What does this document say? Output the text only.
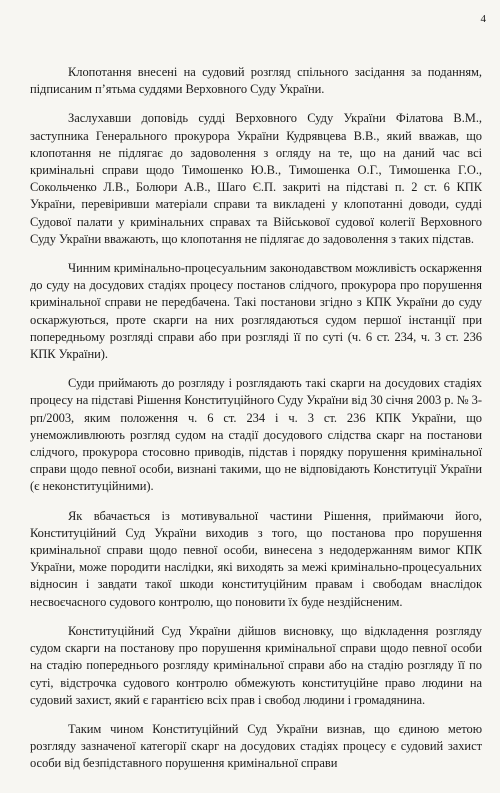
4

Клопотання внесені на судовий розгляд спільного засідання за поданням, підписаним п’ятьма суддями Верховного Суду України.

Заслухавши доповідь судді Верховного Суду України Філатова В.М., заступника Генерального прокурора України Кудрявцева В.В., який вважав, що клопотання не підлягає до задоволення з огляду на те, що на даний час всі кримінальні справи щодо Тимошенко Ю.В., Тимошенка О.Г., Тимошенка Г.О., Сокольченко Л.В., Болюри А.В., Шаго Є.П. закриті на підставі п. 2 ст. 6 КПК України, перевіривши матеріали справи та викладені у клопотанні доводи, судді Судової палати у кримінальних справах та Військової судової колегії Верховного Суду України вважають, що клопотання не підлягає до задоволення з таких підстав.

Чинним кримінально-процесуальним законодавством можливість оскарження до суду на досудових стадіях процесу постанов слідчого, прокурора про порушення кримінальної справи не передбачена. Такі постанови згідно з КПК України до суду оскаржуються, проте скарги на них розглядаються судом першої інстанції при попередньому розгляді справи або при розгляді її по суті (ч. 6 ст. 234, ч. 3 ст. 236 КПК України).

Суди приймають до розгляду і розглядають такі скарги на досудових стадіях процесу на підставі Рішення Конституційного Суду України від 30 січня 2003 р. № 3-рп/2003, яким положення ч. 6 ст. 234 і ч. 3 ст. 236 КПК України, що унеможливлюють розгляд судом на стадії досудового слідства скарг на постанови слідчого, прокурора стосовно приводів, підстав і порядку порушення кримінальної справи щодо певної особи, визнані такими, що не відповідають Конституції України (є неконституційними).

Як вбачається із мотивувальної частини Рішення, приймаючи його, Конституційний Суд України виходив з того, що постанова про порушення кримінальної справи щодо певної особи, винесена з недодержанням вимог КПК України, може породити наслідки, які виходять за межі кримінально-процесуальних відносин і завдати такої шкоди конституційним правам і свободам внаслідок несвоєчасного судового контролю, що поновити їх буде нездійсненим.

Конституційний Суд України дійшов висновку, що відкладення розгляду судом скарги на постанову про порушення кримінальної справи щодо певної особи на стадію попереднього розгляду кримінальної справи або на стадію розгляду її по суті, відстрочка судового контролю обмежують конституційне право людини на судовий захист, який є гарантією всіх прав і свобод людини і громадянина.

Таким чином Конституційний Суд України визнав, що єдиною метою розгляду зазначеної категорії скарг на досудових стадіях процесу є судовий захист особи від безпідставного порушення кримінальної справи
